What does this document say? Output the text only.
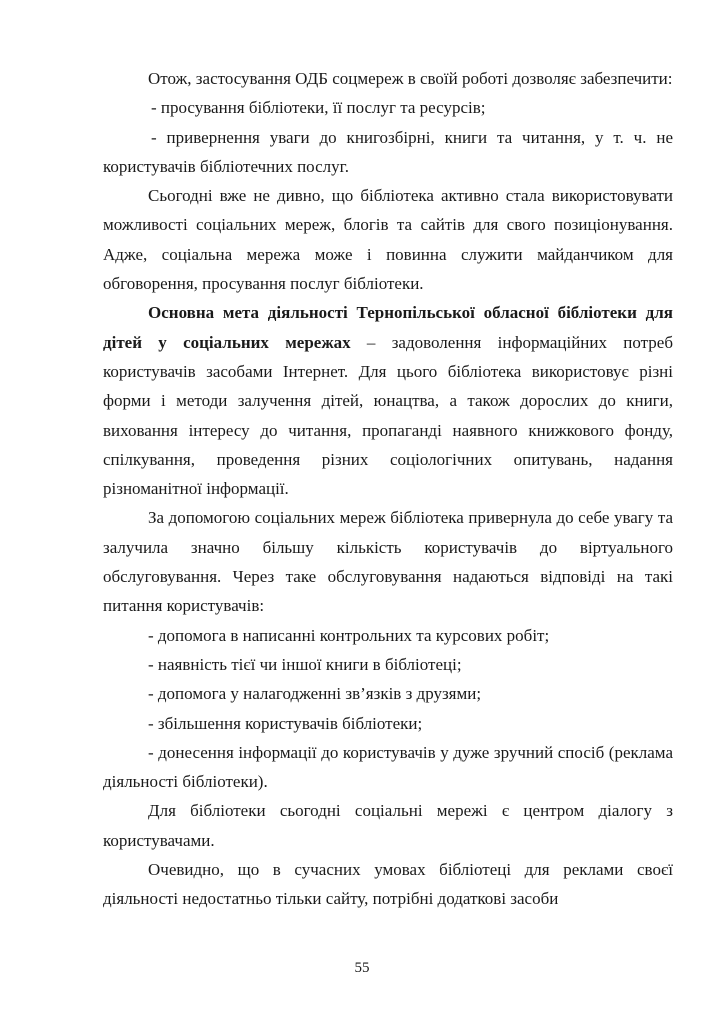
Отож, застосування ОДБ соцмереж в своїй роботі дозволяє забезпечити:

- просування бібліотеки, її послуг та ресурсів;

- привернення уваги до книгозбірні, книги та читання, у т. ч. не користувачів бібліотечних послуг.

Сьогодні вже не дивно, що бібліотека активно стала використовувати можливості соціальних мереж, блогів та сайтів для свого позиціонування. Адже, соціальна мережа може і повинна служити майданчиком для обговорення, просування послуг бібліотеки.

Основна мета діяльності Тернопільської обласної бібліотеки для дітей у соціальних мережах – задоволення інформаційних потреб користувачів засобами Інтернет. Для цього бібліотека використовує різні форми і методи залучення дітей, юнацтва, а також дорослих до книги, виховання інтересу до читання, пропаганді наявного книжкового фонду, спілкування, проведення різних соціологічних опитувань, надання різноманітної інформації.

За допомогою соціальних мереж бібліотека привернула до себе увагу та залучила значно більшу кількість користувачів до віртуального обслуговування. Через таке обслуговування надаються відповіді на такі питання користувачів:

- допомога в написанні контрольних та курсових робіт;

- наявність тієї чи іншої книги в бібліотеці;

- допомога у налагодженні зв’язків з друзями;

- збільшення користувачів бібліотеки;

- донесення інформації до користувачів у дуже зручний спосіб (реклама діяльності бібліотеки).

Для бібліотеки сьогодні соціальні мережі є центром діалогу з користувачами.

Очевидно, що в сучасних умовах бібліотеці для реклами своєї діяльності недостатньо тільки сайту, потрібні додаткові засоби

55
